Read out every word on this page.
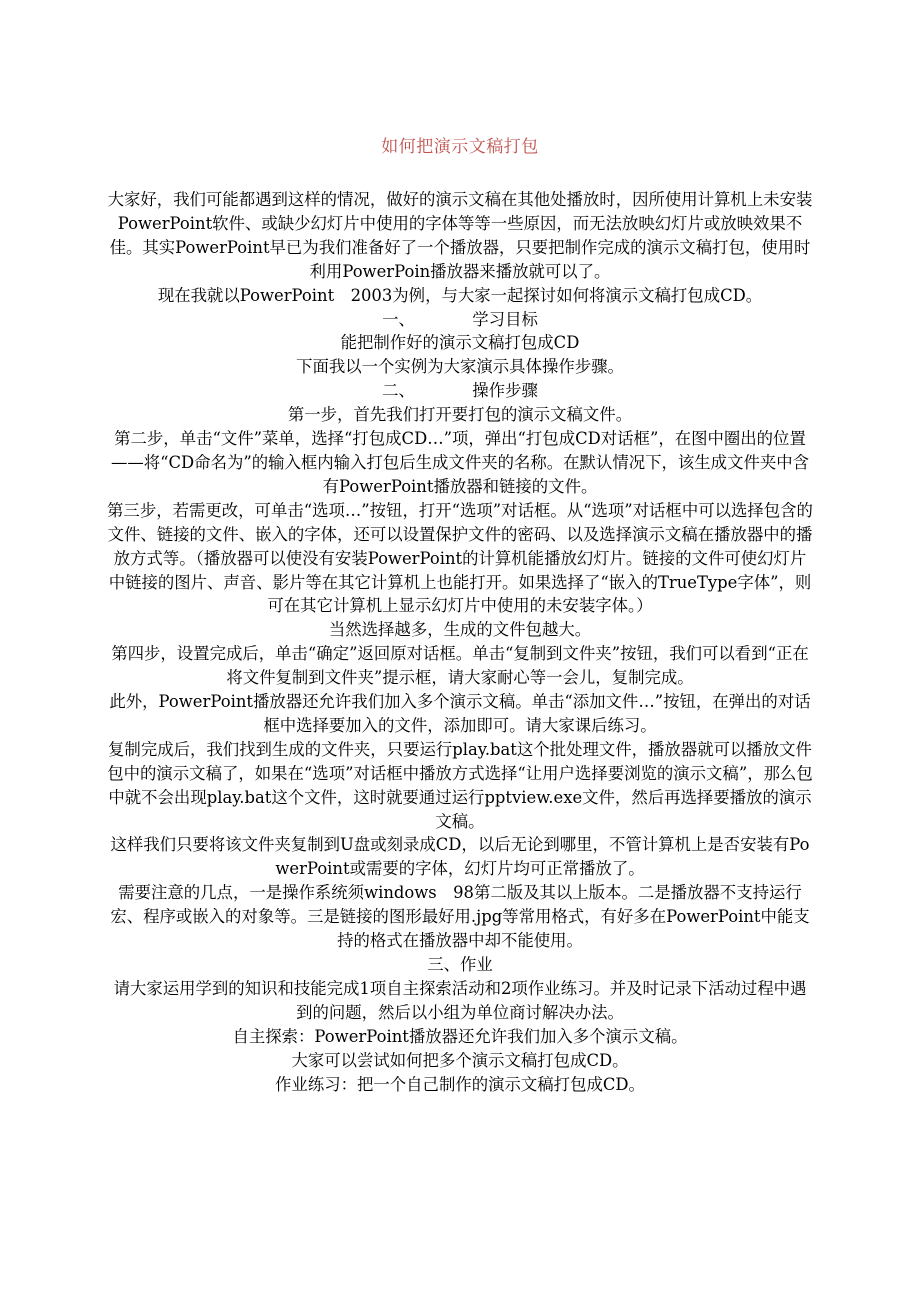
如何把演示文稿打包

大家好，我们可能都遇到这样的情况，做好的演示文稿在其他处播放时，因所使用计算机上未安装PowerPoint软件、或缺少幻灯片中使用的字体等等一些原因，而无法放映幻灯片或放映效果不佳。其实PowerPoint早已为我们准备好了一个播放器，只要把制作完成的演示文稿打包，使用时利用PowerPoin播放器来播放就可以了。

现在我就以PowerPoint　2003为例，与大家一起探讨如何将演示文稿打包成CD。

一、　　　　学习目标

能把制作好的演示文稿打包成CD

下面我以一个实例为大家演示具体操作步骤。

二、　　　　操作步骤

第一步，首先我们打开要打包的演示文稿文件。

第二步，单击“文件”菜单，选择“打包成CD…”项，弹出“打包成CD对话框”，在图中圈出的位置——将“CD命名为”的输入框内输入打包后生成文件夹的名称。在默认情况下，该生成文件夹中含有PowerPoint播放器和链接的文件。

第三步，若需更改，可单击“选项…”按钮，打开“选项”对话框。从“选项”对话框中可以选择包含的文件、链接的文件、嵌入的字体，还可以设置保护文件的密码、以及选择演示文稿在播放器中的播放方式等。（播放器可以使没有安装PowerPoint的计算机能播放幻灯片。链接的文件可使幻灯片中链接的图片、声音、影片等在其它计算机上也能打开。如果选择了“嵌入的TrueType字体”，则可在其它计算机上显示幻灯片中使用的未安装字体。）

当然选择越多，生成的文件包越大。

第四步，设置完成后，单击“确定”返回原对话框。单击“复制到文件夹”按钮，我们可以看到“正在将文件复制到文件夹”提示框，请大家耐心等一会儿，复制完成。

此外，PowerPoint播放器还允许我们加入多个演示文稿。单击“添加文件…”按钮，在弹出的对话框中选择要加入的文件，添加即可。请大家课后练习。

复制完成后，我们找到生成的文件夹，只要运行play.bat这个批处理文件，播放器就可以播放文件包中的演示文稿了，如果在“选项”对话框中播放方式选择“让用户选择要浏览的演示文稿”，那么包中就不会出现play.bat这个文件，这时就要通过运行pptview.exe文件，然后再选择要播放的演示文稿。

这样我们只要将该文件夹复制到U盘或刻录成CD，以后无论到哪里，不管计算机上是否安装有PowerPoint或需要的字体，幻灯片均可正常播放了。

需要注意的几点，一是操作系统须windows　98第二版及其以上版本。二是播放器不支持运行宏、程序或嵌入的对象等。三是链接的图形最好用.jpg等常用格式，有好多在PowerPoint中能支持的格式在播放器中却不能使用。

三、作业

请大家运用学到的知识和技能完成1项自主探索活动和2项作业练习。并及时记录下活动过程中遇到的问题，然后以小组为单位商讨解决办法。

自主探索：PowerPoint播放器还允许我们加入多个演示文稿。

大家可以尝试如何把多个演示文稿打包成CD。

作业练习：把一个自己制作的演示文稿打包成CD。
